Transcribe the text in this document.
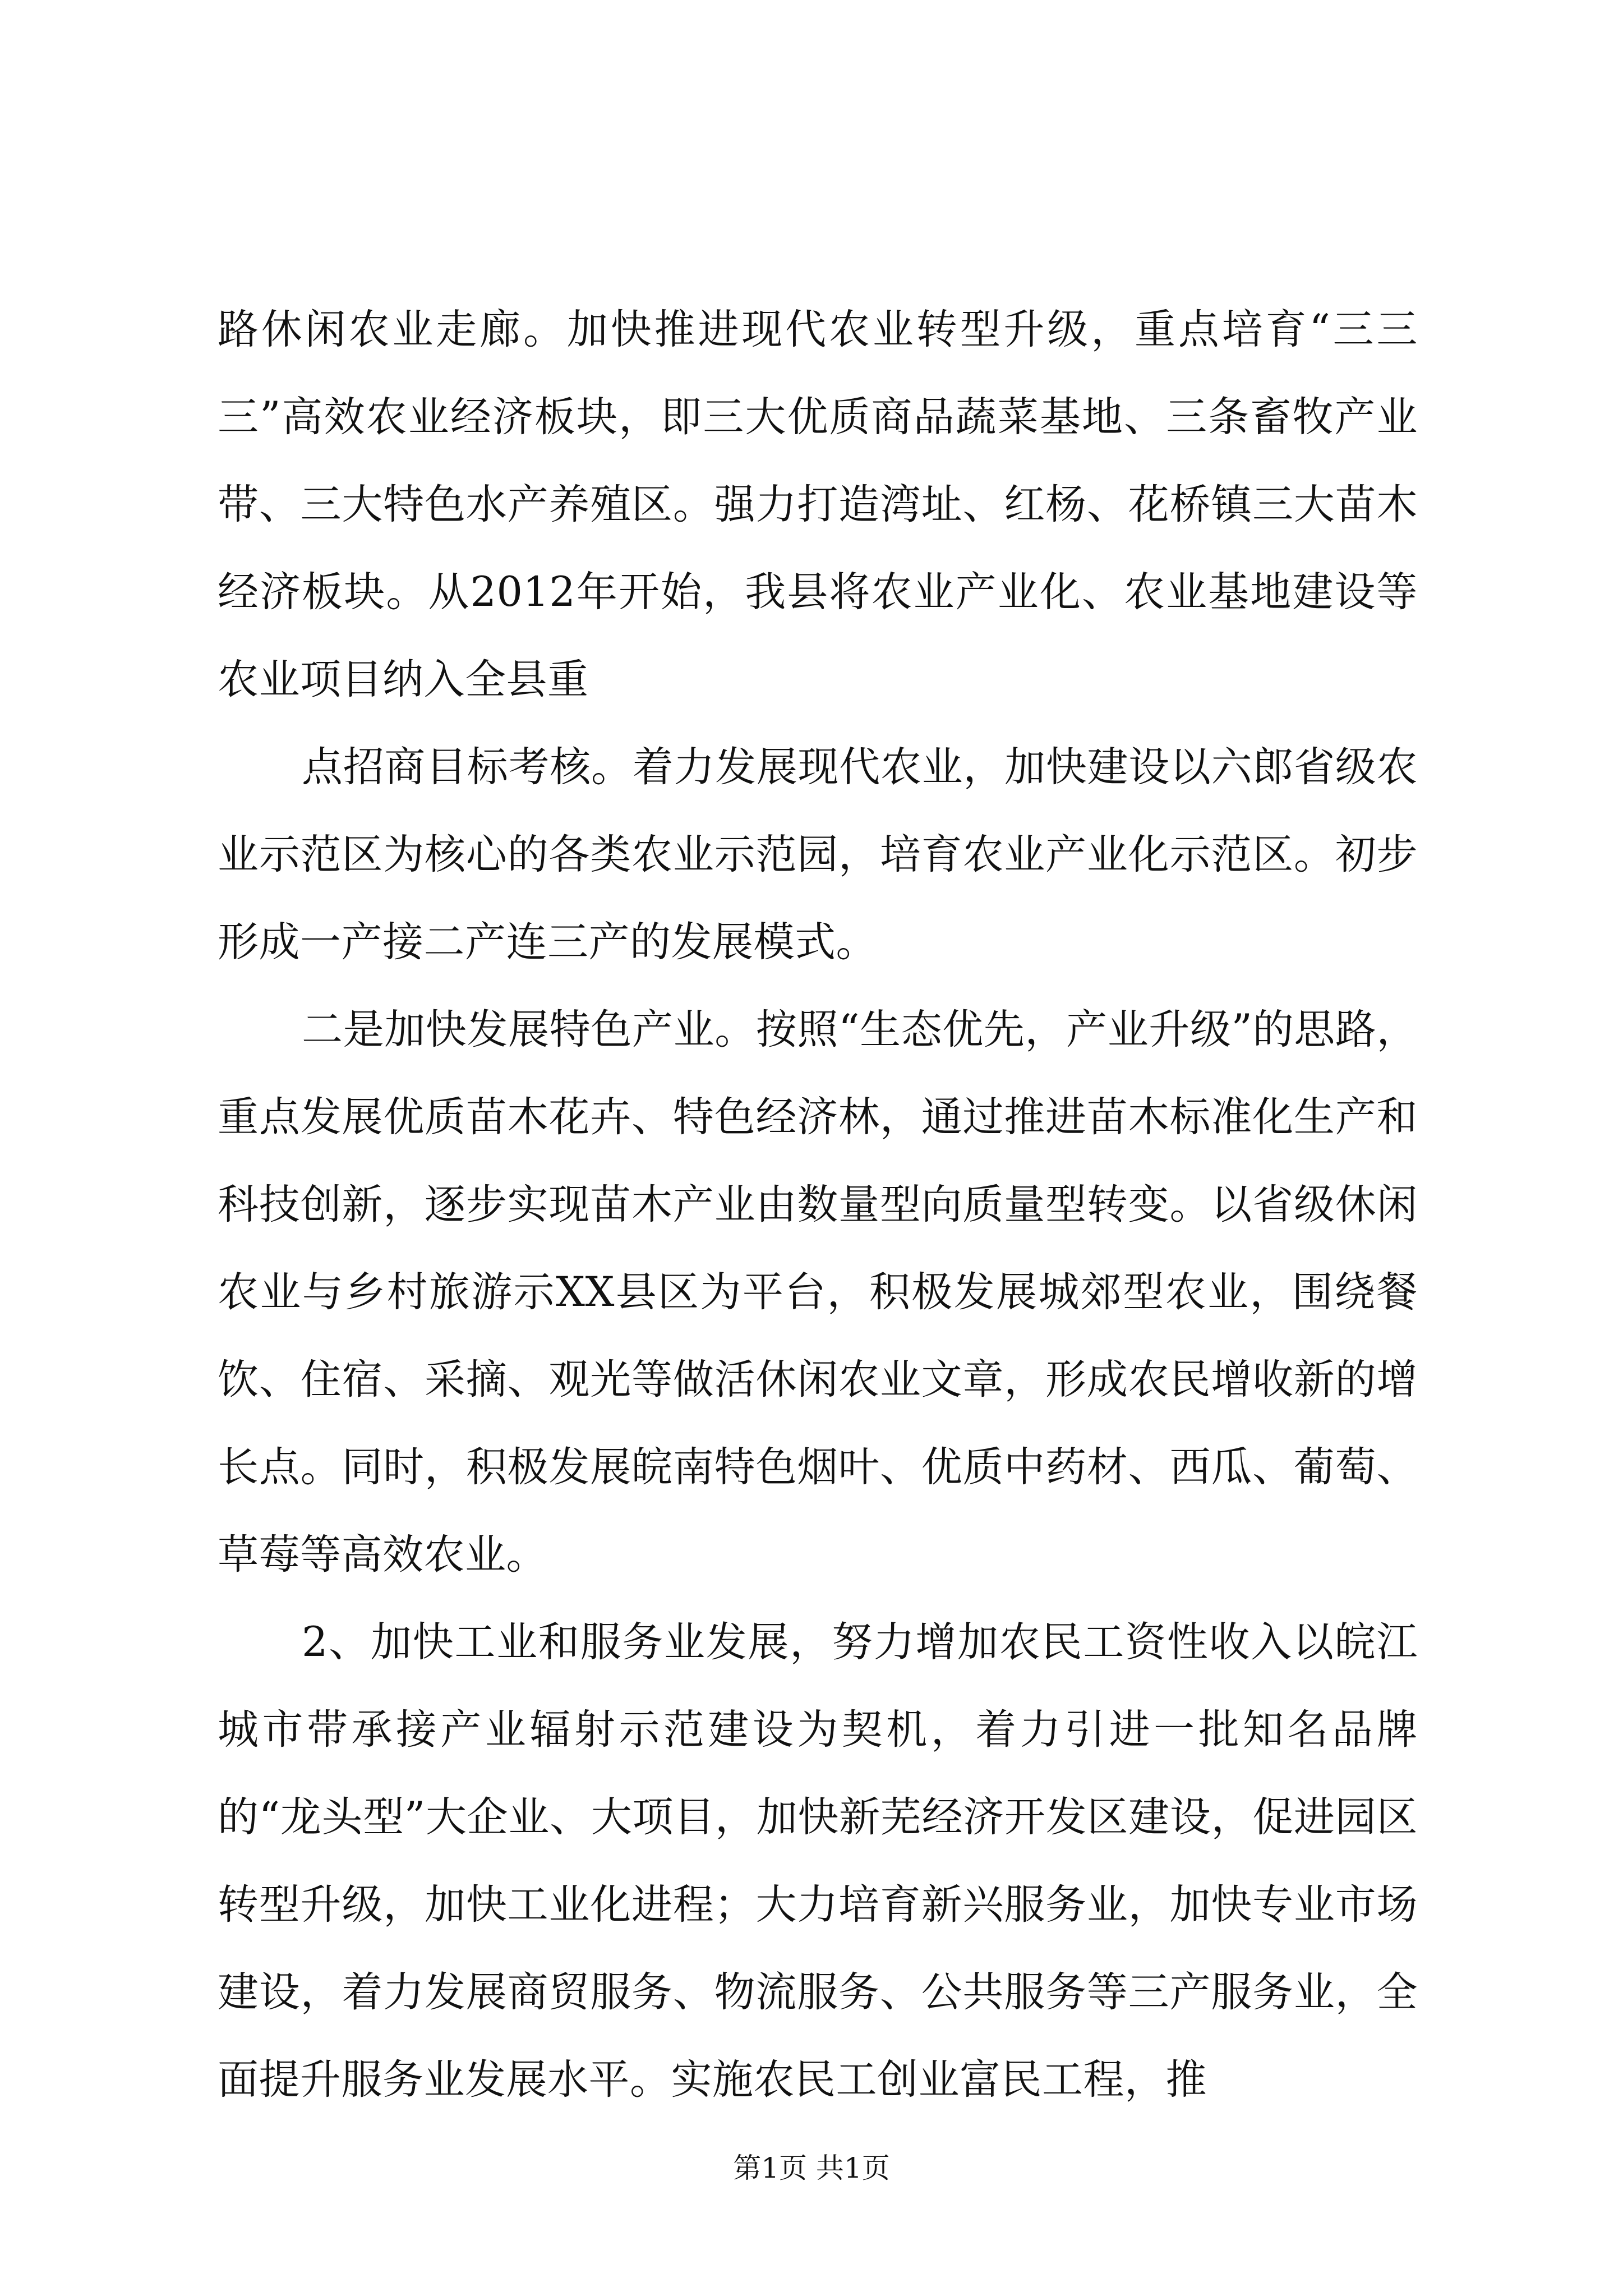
路休闲农业走廊。加快推进现代农业转型升级，重点培育“三三三”高效农业经济板块，即三大优质商品蔬菜基地、三条畜牧产业带、三大特色水产养殖区。强力打造湾址、红杨、花桥镇三大苗木经济板块。从2012年开始，我县将农业产业化、农业基地建设等农业项目纳入全县重

点招商目标考核。着力发展现代农业，加快建设以六郎省级农业示范区为核心的各类农业示范园，培育农业产业化示范区。初步形成一产接二产连三产的发展模式。

二是加快发展特色产业。按照“生态优先，产业升级”的思路，重点发展优质苗木花卉、特色经济林，通过推进苗木标准化生产和科技创新，逐步实现苗木产业由数量型向质量型转变。以省级休闲农业与乡村旅游示XX县区为平台，积极发展城郊型农业，围绕餐饮、住宿、采摘、观光等做活休闲农业文章，形成农民增收新的增长点。同时，积极发展皖南特色烟叶、优质中药材、西瓜、葡萄、草莓等高效农业。

2、加快工业和服务业发展，努力增加农民工资性收入以皖江城市带承接产业辐射示范建设为契机，着力引进一批知名品牌的“龙头型”大企业、大项目，加快新芜经济开发区建设，促进园区转型升级，加快工业化进程；大力培育新兴服务业，加快专业市场建设，着力发展商贸服务、物流服务、公共服务等三产服务业，全面提升服务业发展水平。实施农民工创业富民工程，推

第1页 共1页
